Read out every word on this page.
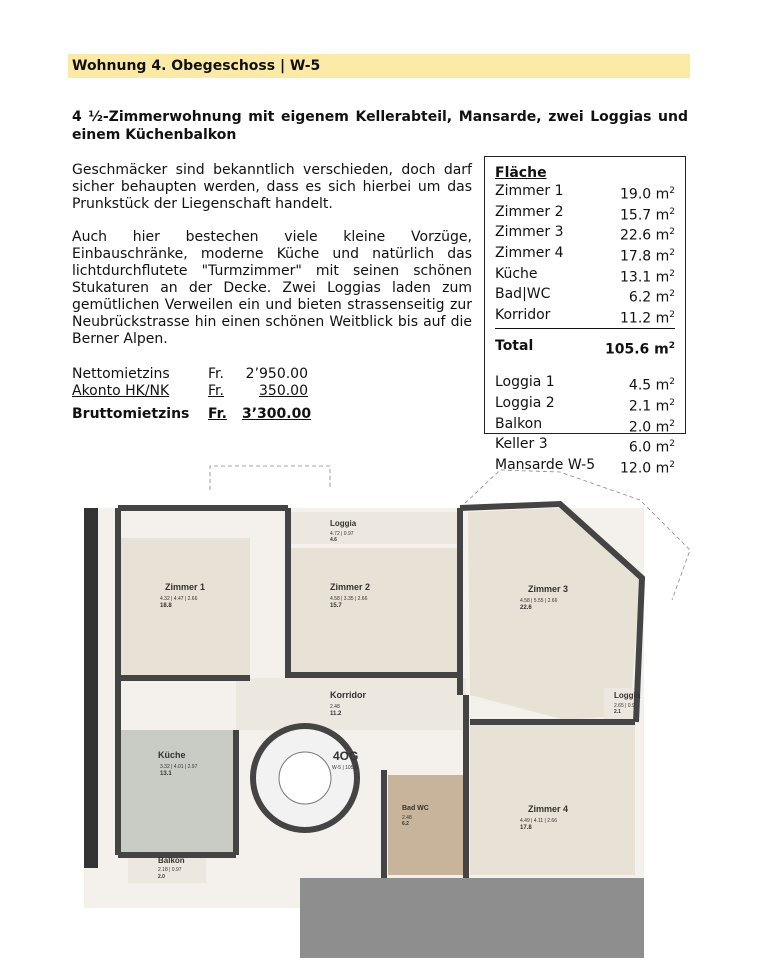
Wohnung 4. Obegeschoss | W-5
4 ½-Zimmerwohnung mit eigenem Kellerabteil, Mansarde, zwei Loggias und einem Küchenbalkon
Geschmäcker sind bekanntlich verschieden, doch darf sicher behaupten werden, dass es sich hierbei um das Prunkstück der Liegenschaft handelt.
Auch hier bestechen viele kleine Vorzüge, Einbauschränke, moderne Küche und natürlich das lichtdurchflutete "Turmzimmer" mit seinen schönen Stukaturen an der Decke. Zwei Loggias laden zum gemütlichen Verweilen ein und bieten strassenseitig zur Neubrückstrasse hin einen schönen Weitblick bis auf die Berner Alpen.
Nettomietzins	Fr.	2’950.00
Akonto HK/NK	Fr.	350.00
Bruttomietzins	Fr.	3’300.00
Fläche
Zimmer 1	19.0 $m^2$
Zimmer 2	15.7 $m^2$
Zimmer 3	22.6 $m^2$
Zimmer 4	17.8 $m^2$
Küche	13.1 $m^2$
Bad|WC	6.2 $m^2$
Korridor	11.2 $m^2$
Total	105.6 $m^2$
Loggia 1	4.5 $m^2$
Loggia 2	2.1 $m^2$
Balkon	2.0 $m^2$
Keller 3	6.0 $m^2$
Mansarde W-5 12.0 $m^2$
Zimmer 1
4.32 | 4.47 | 2.66
18.8
Zimmer 2
4.58 | 3.35 | 2.66
15.7
Zimmer 3
4.58 | 5.55 | 2.66
22.6
Zimmer 4
4.49 | 4.11 | 2.66
17.8
Küche
3.32 | 4.01 | 2.97
13.1
Korridor
2.48
11.2
Loggia
4.72 | 0.97
4.6
Loggia
2.65 | 0.9
2.1
Balkon
2.18 | 0.97
2.0
Bad WC
2.48
6.2
4OG
W-5 | 105.6
